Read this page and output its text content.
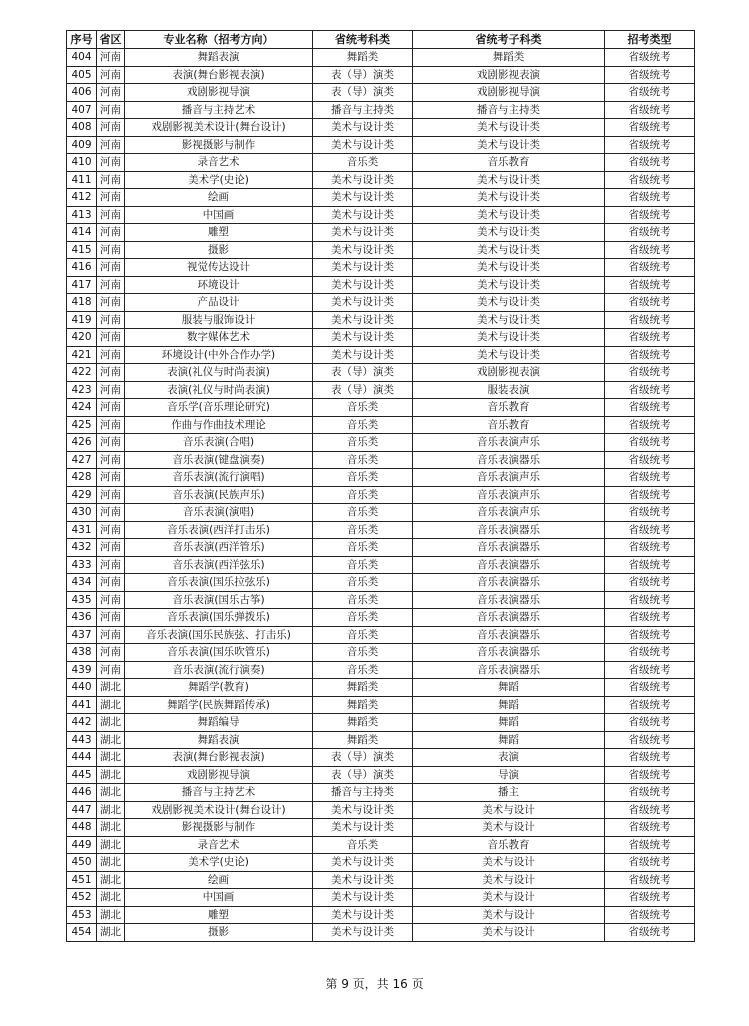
序号	省区	专业名称（招考方向）	省统考科类	省统考子科类	招考类型
404	河南	舞蹈表演	舞蹈类	舞蹈类	省级统考
405	河南	表演(舞台影视表演)	表（导）演类	戏剧影视表演	省级统考
406	河南	戏剧影视导演	表（导）演类	戏剧影视导演	省级统考
407	河南	播音与主持艺术	播音与主持类	播音与主持类	省级统考
408	河南	戏剧影视美术设计(舞台设计)	美术与设计类	美术与设计类	省级统考
409	河南	影视摄影与制作	美术与设计类	美术与设计类	省级统考
410	河南	录音艺术	音乐类	音乐教育	省级统考
411	河南	美术学(史论)	美术与设计类	美术与设计类	省级统考
412	河南	绘画	美术与设计类	美术与设计类	省级统考
413	河南	中国画	美术与设计类	美术与设计类	省级统考
414	河南	雕塑	美术与设计类	美术与设计类	省级统考
415	河南	摄影	美术与设计类	美术与设计类	省级统考
416	河南	视觉传达设计	美术与设计类	美术与设计类	省级统考
417	河南	环境设计	美术与设计类	美术与设计类	省级统考
418	河南	产品设计	美术与设计类	美术与设计类	省级统考
419	河南	服装与服饰设计	美术与设计类	美术与设计类	省级统考
420	河南	数字媒体艺术	美术与设计类	美术与设计类	省级统考
421	河南	环境设计(中外合作办学)	美术与设计类	美术与设计类	省级统考
422	河南	表演(礼仪与时尚表演)	表（导）演类	戏剧影视表演	省级统考
423	河南	表演(礼仪与时尚表演)	表（导）演类	服装表演	省级统考
424	河南	音乐学(音乐理论研究)	音乐类	音乐教育	省级统考
425	河南	作曲与作曲技术理论	音乐类	音乐教育	省级统考
426	河南	音乐表演(合唱)	音乐类	音乐表演声乐	省级统考
427	河南	音乐表演(键盘演奏)	音乐类	音乐表演器乐	省级统考
428	河南	音乐表演(流行演唱)	音乐类	音乐表演声乐	省级统考
429	河南	音乐表演(民族声乐)	音乐类	音乐表演声乐	省级统考
430	河南	音乐表演(演唱)	音乐类	音乐表演声乐	省级统考
431	河南	音乐表演(西洋打击乐)	音乐类	音乐表演器乐	省级统考
432	河南	音乐表演(西洋管乐)	音乐类	音乐表演器乐	省级统考
433	河南	音乐表演(西洋弦乐)	音乐类	音乐表演器乐	省级统考
434	河南	音乐表演(国乐拉弦乐)	音乐类	音乐表演器乐	省级统考
435	河南	音乐表演(国乐古筝)	音乐类	音乐表演器乐	省级统考
436	河南	音乐表演(国乐弹拨乐)	音乐类	音乐表演器乐	省级统考
437	河南	音乐表演(国乐民族弦、打击乐)	音乐类	音乐表演器乐	省级统考
438	河南	音乐表演(国乐吹管乐)	音乐类	音乐表演器乐	省级统考
439	河南	音乐表演(流行演奏)	音乐类	音乐表演器乐	省级统考
440	湖北	舞蹈学(教育)	舞蹈类	舞蹈	省级统考
441	湖北	舞蹈学(民族舞蹈传承)	舞蹈类	舞蹈	省级统考
442	湖北	舞蹈编导	舞蹈类	舞蹈	省级统考
443	湖北	舞蹈表演	舞蹈类	舞蹈	省级统考
444	湖北	表演(舞台影视表演)	表（导）演类	表演	省级统考
445	湖北	戏剧影视导演	表（导）演类	导演	省级统考
446	湖北	播音与主持艺术	播音与主持类	播主	省级统考
447	湖北	戏剧影视美术设计(舞台设计)	美术与设计类	美术与设计	省级统考
448	湖北	影视摄影与制作	美术与设计类	美术与设计	省级统考
449	湖北	录音艺术	音乐类	音乐教育	省级统考
450	湖北	美术学(史论)	美术与设计类	美术与设计	省级统考
451	湖北	绘画	美术与设计类	美术与设计	省级统考
452	湖北	中国画	美术与设计类	美术与设计	省级统考
453	湖北	雕塑	美术与设计类	美术与设计	省级统考
454	湖北	摄影	美术与设计类	美术与设计	省级统考
第 9 页，共 16 页
